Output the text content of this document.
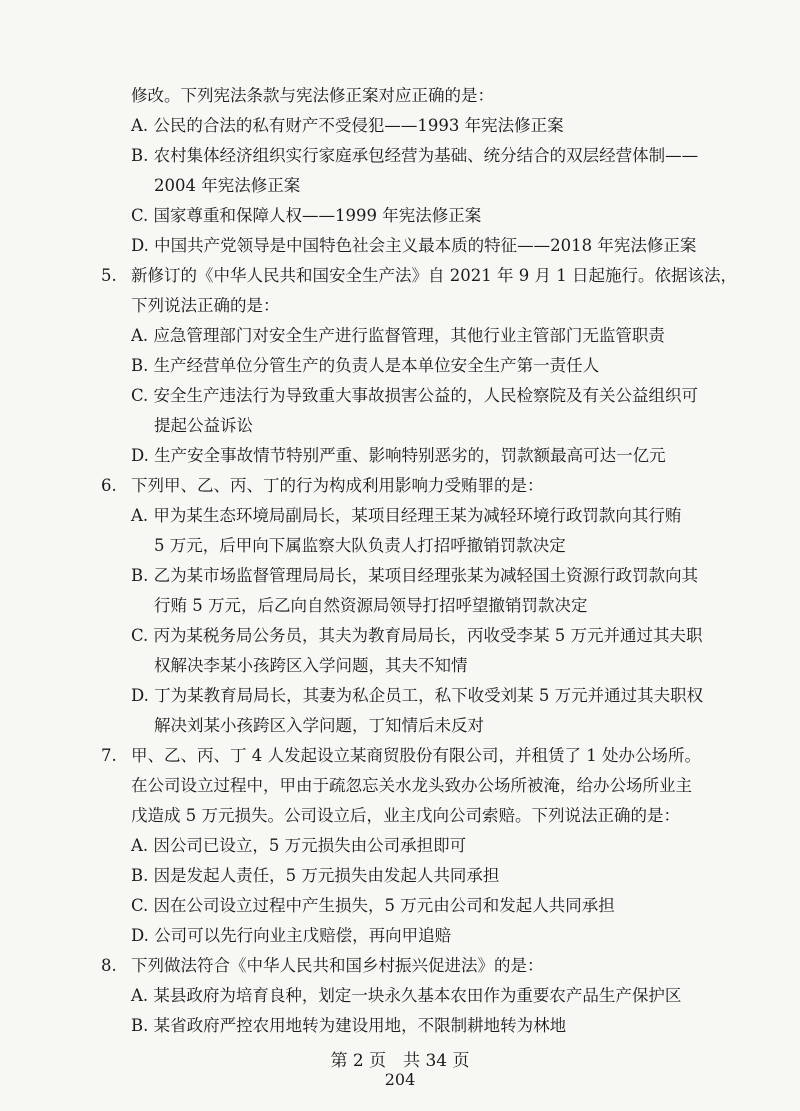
修改。下列宪法条款与宪法修正案对应正确的是：
A. 公民的合法的私有财产不受侵犯——1993 年宪法修正案
B. 农村集体经济组织实行家庭承包经营为基础、统分结合的双层经营体制——
2004 年宪法修正案
C. 国家尊重和保障人权——1999 年宪法修正案
D. 中国共产党领导是中国特色社会主义最本质的特征——2018 年宪法修正案
5. 新修订的《中华人民共和国安全生产法》自 2021 年 9 月 1 日起施行。依据该法，
下列说法正确的是：
A. 应急管理部门对安全生产进行监督管理，其他行业主管部门无监管职责
B. 生产经营单位分管生产的负责人是本单位安全生产第一责任人
C. 安全生产违法行为导致重大事故损害公益的，人民检察院及有关公益组织可
提起公益诉讼
D. 生产安全事故情节特别严重、影响特别恶劣的，罚款额最高可达一亿元
6. 下列甲、乙、丙、丁的行为构成利用影响力受贿罪的是：
A. 甲为某生态环境局副局长，某项目经理王某为减轻环境行政罚款向其行贿
5 万元，后甲向下属监察大队负责人打招呼撤销罚款决定
B. 乙为某市场监督管理局局长，某项目经理张某为减轻国土资源行政罚款向其
行贿 5 万元，后乙向自然资源局领导打招呼望撤销罚款决定
C. 丙为某税务局公务员，其夫为教育局局长，丙收受李某 5 万元并通过其夫职
权解决李某小孩跨区入学问题，其夫不知情
D. 丁为某教育局局长，其妻为私企员工，私下收受刘某 5 万元并通过其夫职权
解决刘某小孩跨区入学问题，丁知情后未反对
7. 甲、乙、丙、丁 4 人发起设立某商贸股份有限公司，并租赁了 1 处办公场所。
在公司设立过程中，甲由于疏忽忘关水龙头致办公场所被淹，给办公场所业主
戊造成 5 万元损失。公司设立后，业主戊向公司索赔。下列说法正确的是：
A. 因公司已设立，5 万元损失由公司承担即可
B. 因是发起人责任，5 万元损失由发起人共同承担
C. 因在公司设立过程中产生损失，5 万元由公司和发起人共同承担
D. 公司可以先行向业主戊赔偿，再向甲追赔
8. 下列做法符合《中华人民共和国乡村振兴促进法》的是：
A. 某县政府为培育良种，划定一块永久基本农田作为重要农产品生产保护区
B. 某省政府严控农用地转为建设用地，不限制耕地转为林地
第 2 页　共 34 页
204
